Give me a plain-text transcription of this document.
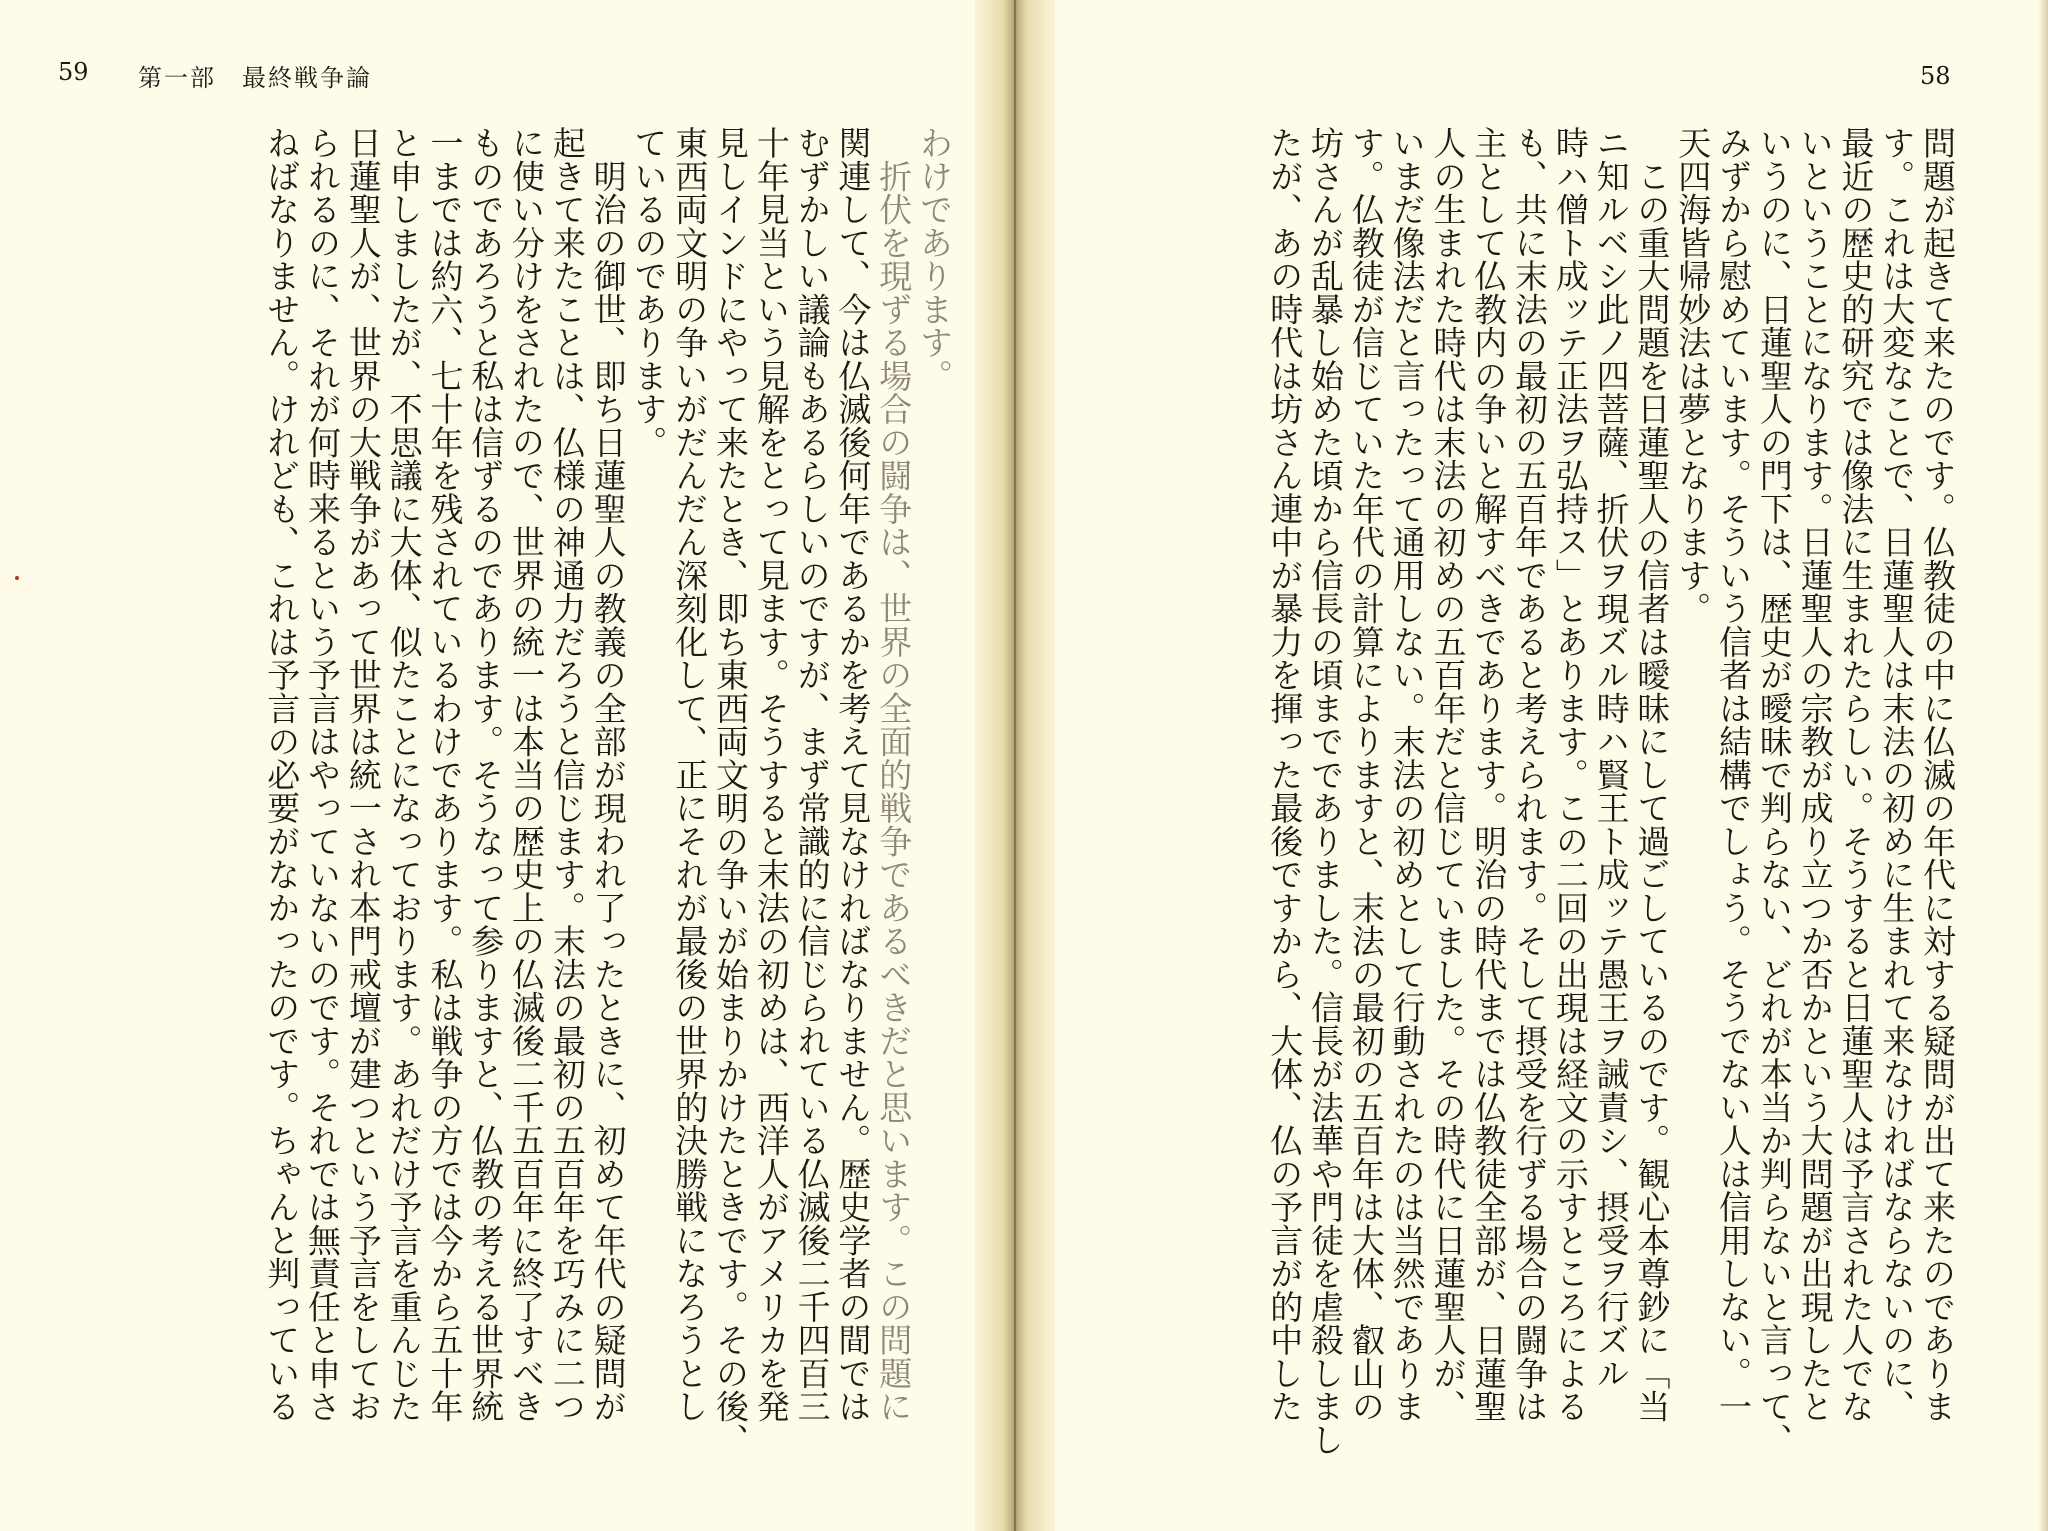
59 第一部　最終戦争論	58
問題が起きて来たのです。仏教徒の中に仏滅の年代に対する疑問が出て来たのでありま
す。これは大変なことで、日蓮聖人は末法の初めに生まれて来なければならないのに、
最近の歴史的研究では像法に生まれたらしい。そうすると日蓮聖人は予言された人でな
いということになります。日蓮聖人の宗教が成り立つか否かという大問題が出現したと
いうのに、日蓮聖人の門下は、歴史が曖昧で判らない、どれが本当か判らないと言って、
みずから慰めています。そういう信者は結構でしょう。そうでない人は信用しない。一
天四海皆帰妙法は夢となります。
　この重大問題を日蓮聖人の信者は曖昧にして過ごしているのです。観心本尊鈔に「当
ニ知ルベシ此ノ四菩薩、折伏ヲ現ズル時ハ賢王ト成ッテ愚王ヲ誡責シ、摂受ヲ行ズル
時ハ僧ト成ッテ正法ヲ弘持ス」とあります。この二回の出現は経文の示すところによる
も、共に末法の最初の五百年であると考えられます。そして摂受を行ずる場合の闘争は
主として仏教内の争いと解すべきであります。明治の時代までは仏教徒全部が、日蓮聖
人の生まれた時代は末法の初めの五百年だと信じていました。その時代に日蓮聖人が、
いまだ像法だと言ったって通用しない。末法の初めとして行動されたのは当然でありま
す。仏教徒が信じていた年代の計算によりますと、末法の最初の五百年は大体、叡山の
坊さんが乱暴し始めた頃から信長の頃まででありました。信長が法華や門徒を虐殺しまし
たが、あの時代は坊さん連中が暴力を揮った最後ですから、大体、仏の予言が的中した
わけであります。
　折伏を現ずる場合の闘争は、世界の全面的戦争であるべきだと思います。この問題に
関連して、今は仏滅後何年であるかを考えて見なければなりません。歴史学者の間では
むずかしい議論もあるらしいのですが、まず常識的に信じられている仏滅後二千四百三
十年見当という見解をとって見ます。そうすると末法の初めは、西洋人がアメリカを発
見しインドにやって来たとき、即ち東西両文明の争いが始まりかけたときです。その後、
東西両文明の争いがだんだん深刻化して、正にそれが最後の世界的決勝戦になろうとし
ているのであります。
　明治の御世、即ち日蓮聖人の教義の全部が現われ了ったときに、初めて年代の疑問が
起きて来たことは、仏様の神通力だろうと信じます。末法の最初の五百年を巧みに二つ
に使い分けをされたので、世界の統一は本当の歴史上の仏滅後二千五百年に終了すべき
ものであろうと私は信ずるのであります。そうなって参りますと、仏教の考える世界統
一までは約六、七十年を残されているわけであります。私は戦争の方では今から五十年
と申しましたが、不思議に大体、似たことになっております。あれだけ予言を重んじた
日蓮聖人が、世界の大戦争があって世界は統一され本門戒壇が建つという予言をしてお
られるのに、それが何時来るという予言はやっていないのです。それでは無責任と申さ
ねばなりません。けれども、これは予言の必要がなかったのです。ちゃんと判っている
